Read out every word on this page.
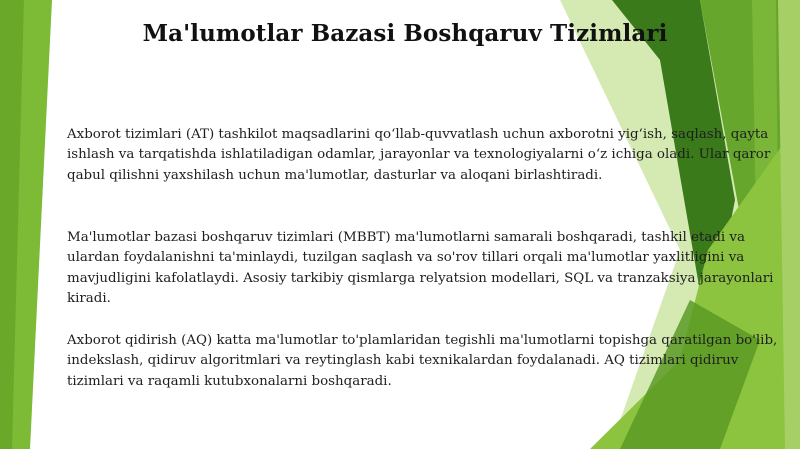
Ma'lumotlar Bazasi Boshqaruv Tizimlari

Axborot tizimlari (AT) tashkilot maqsadlarini qo‘llab-quvvatlash uchun axborotni yig‘ish, saqlash, qayta ishlash va tarqatishda ishlatiladigan odamlar, jarayonlar va texnologiyalarni o‘z ichiga oladi. Ular qaror qabul qilishni yaxshilash uchun ma'lumotlar, dasturlar va alоqani birlashtiradi.

Ma'lumotlar bazasi boshqaruv tizimlari (MBBT) ma'lumotlarni samarali boshqaradi, tashkil etadi va ulardan foydalanishni ta'minlaydi, tuzilgan saqlash va so'rov tillari orqali ma'lumotlar yaxlitligini va mavjudligini kafolatlaydi. Asosiy tarkibiy qismlarga relyatsion modellari, SQL va tranzaksiya jarayonlari kiradi.

Axborot qidirish (AQ) katta ma'lumotlar to'plamlaridan tegishli ma'lumotlarni topishga qaratilgan bo'lib, indekslash, qidiruv algoritmlari va reytinglash kabi texnikalardan foydalanadi. AQ tizimlari qidiruv tizimlari va raqamli kutubxonalarni boshqaradi.
